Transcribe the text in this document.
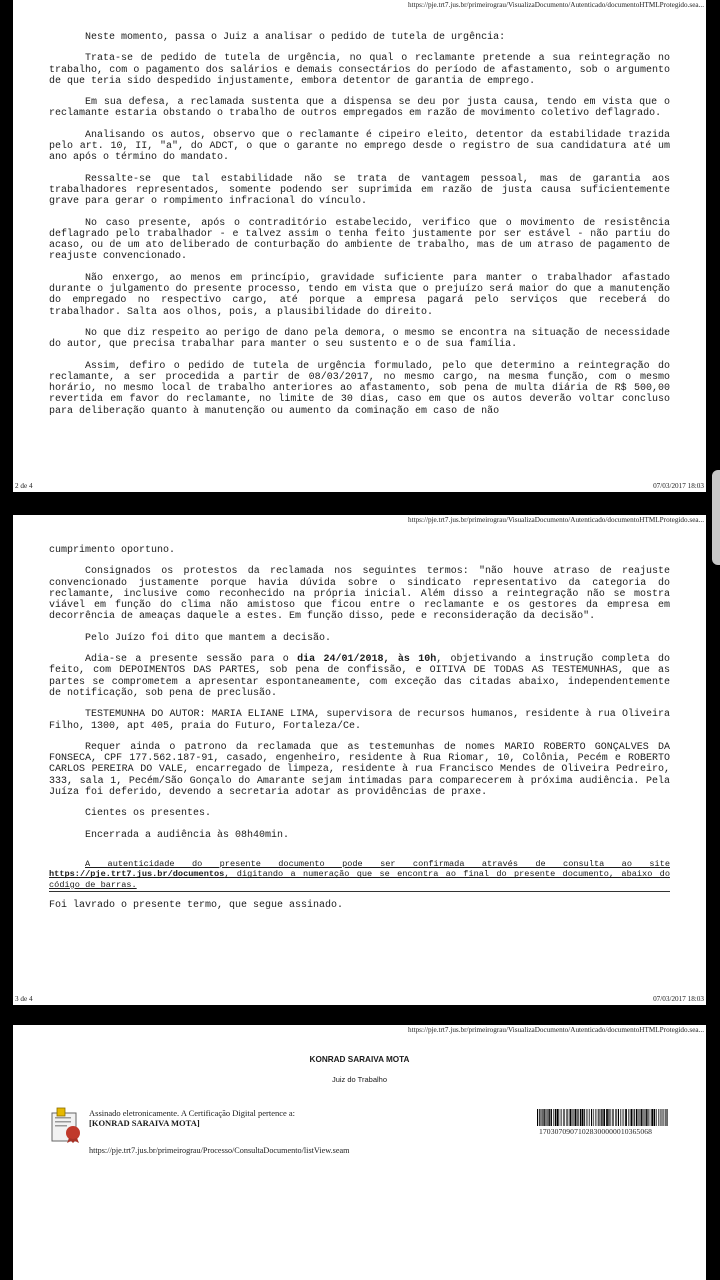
https://pje.trt7.jus.br/primeirograu/VisualizaDocumento/Autenticado/documentoHTMLProtegido.sea...

Neste momento, passa o Juiz a analisar o pedido de tutela de urgência:

Trata-se de pedido de tutela de urgência, no qual o reclamante pretende a sua reintegração no trabalho, com o pagamento dos salários e demais consectários do período de afastamento, sob o argumento de que teria sido despedido injustamente, embora detentor de garantia de emprego.

Em sua defesa, a reclamada sustenta que a dispensa se deu por justa causa, tendo em vista que o reclamante estaria obstando o trabalho de outros empregados em razão de movimento coletivo deflagrado.

Analisando os autos, observo que o reclamante é cipeiro eleito, detentor da estabilidade trazida pelo art. 10, II, "a", do ADCT, o que o garante no emprego desde o registro de sua candidatura até um ano após o término do mandato.

Ressalte-se que tal estabilidade não se trata de vantagem pessoal, mas de garantia aos trabalhadores representados, somente podendo ser suprimida em razão de justa causa suficientemente grave para gerar o rompimento infracional do vínculo.

No caso presente, após o contraditório estabelecido, verifico que o movimento de resistência deflagrado pelo trabalhador - e talvez assim o tenha feito justamente por ser estável - não partiu do acaso, ou de um ato deliberado de conturbação do ambiente de trabalho, mas de um atraso de pagamento de reajuste convencionado.

Não enxergo, ao menos em princípio, gravidade suficiente para manter o trabalhador afastado durante o julgamento do presente processo, tendo em vista que o prejuízo será maior do que a manutenção do empregado no respectivo cargo, até porque a empresa pagará pelo serviços que receberá do trabalhador. Salta aos olhos, pois, a plausibilidade do direito.

No que diz respeito ao perigo de dano pela demora, o mesmo se encontra na situação de necessidade do autor, que precisa trabalhar para manter o seu sustento e o de sua família.

Assim, defiro o pedido de tutela de urgência formulado, pelo que determino a reintegração do reclamante, a ser procedida a partir de 08/03/2017, no mesmo cargo, na mesma função, com o mesmo horário, no mesmo local de trabalho anteriores ao afastamento, sob pena de multa diária de R$ 500,00 revertida em favor do reclamante, no limite de 30 dias, caso em que os autos deverão voltar concluso para deliberação quanto à manutenção ou aumento da cominação em caso de não

2 de 4	07/03/2017 18:03
https://pje.trt7.jus.br/primeirograu/VisualizaDocumento/Autenticado/documentoHTMLProtegido.sea...

cumprimento oportuno.

Consignados os protestos da reclamada nos seguintes termos: "não houve atraso de reajuste convencionado justamente porque havia dúvida sobre o sindicato representativo da categoria do reclamante, inclusive como reconhecido na própria inicial. Além disso a reintegração não se mostra viável em função do clima não amistoso que ficou entre o reclamante e os gestores da empresa em decorrência de ameaças daquele a estes. Em função disso, pede e reconsideração da decisão".

Pelo Juízo foi dito que mantem a decisão.

Adia-se a presente sessão para o dia 24/01/2018, às 10h, objetivando a instrução completa do feito, com DEPOIMENTOS DAS PARTES, sob pena de confissão, e OITIVA DE TODAS AS TESTEMUNHAS, que as partes se comprometem a apresentar espontaneamente, com exceção das citadas abaixo, independentemente de notificação, sob pena de preclusão.

TESTEMUNHA DO AUTOR: MARIA ELIANE LIMA, supervisora de recursos humanos, residente à rua Oliveira Filho, 1300, apt 405, praia do Futuro, Fortaleza/Ce.

Requer ainda o patrono da reclamada que as testemunhas de nomes MARIO ROBERTO GONÇALVES DA FONSECA, CPF 177.562.187-91, casado, engenheiro, residente à Rua Riomar, 10, Colônia, Pecém e ROBERTO CARLOS PEREIRA DO VALE, encarregado de limpeza, residente à rua Francisco Mendes de Oliveira Pedreiro, 333, sala 1, Pecém/São Gonçalo do Amarante sejam intimadas para comparecerem à próxima audiência. Pela Juíza foi deferido, devendo a secretaria adotar as providências de praxe.

Cientes os presentes.

Encerrada a audiência às 08h40min.

A autenticidade do presente documento pode ser confirmada através de consulta ao site https://pje.trt7.jus.br/documentos, digitando a numeração que se encontra ao final do presente documento, abaixo do código de barras.

Foi lavrado o presente termo, que segue assinado.

3 de 4	07/03/2017 18:03
https://pje.trt7.jus.br/primeirograu/VisualizaDocumento/Autenticado/documentoHTMLProtegido.sea...
KONRAD SARAIVA MOTA
Juiz do Trabalho
Assinado eletronicamente. A Certificação Digital pertence a:
[KONRAD SARAIVA MOTA]
https://pje.trt7.jus.br/primeirograu/Processo/ConsultaDocumento/listView.seam
17030709071028300000010365068
